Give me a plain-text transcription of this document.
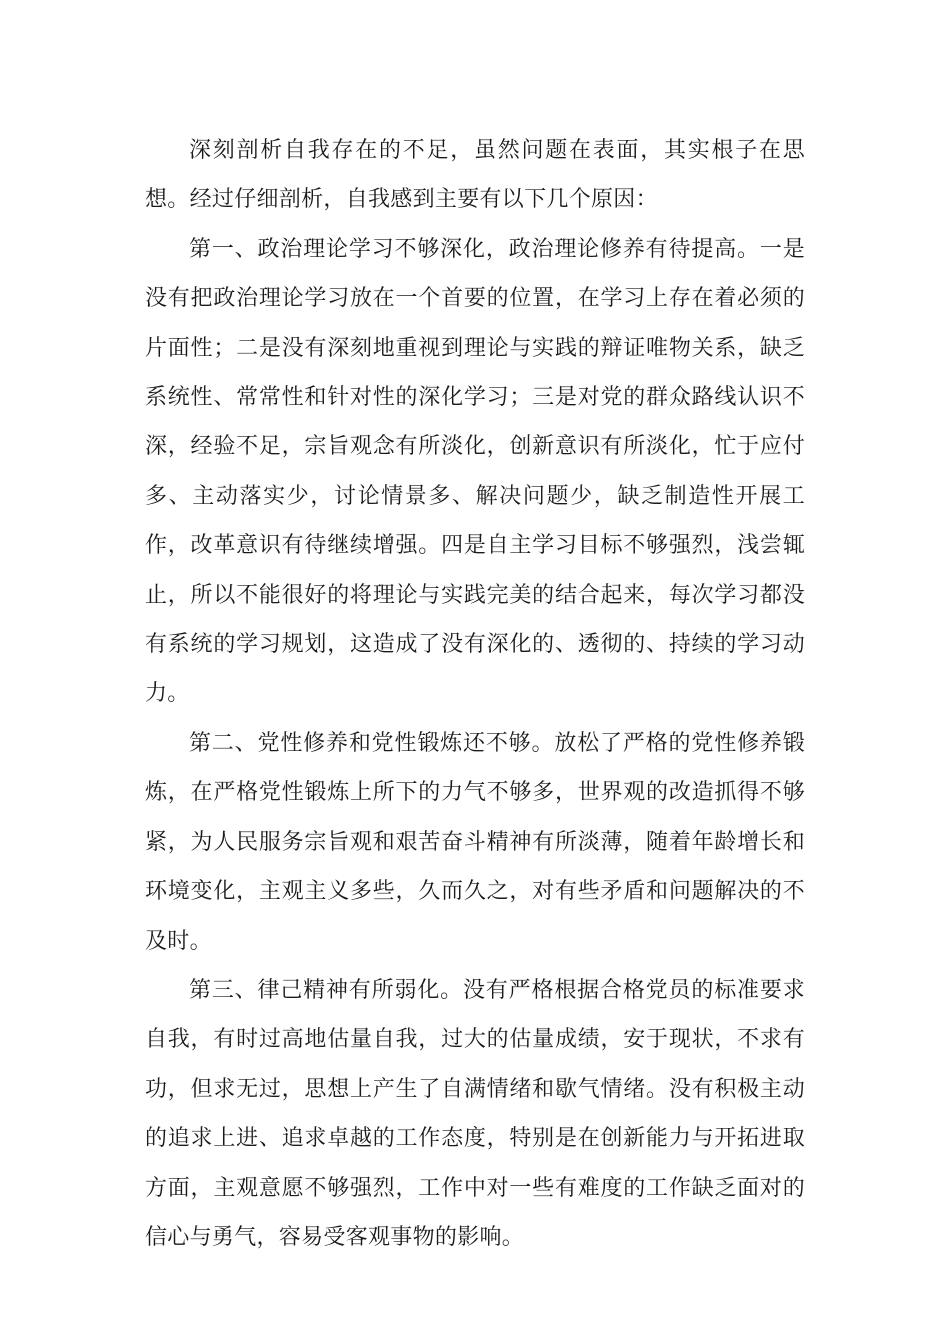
深刻剖析自我存在的不足，虽然问题在表面，其实根子在思想。经过仔细剖析，自我感到主要有以下几个原因：

第一、政治理论学习不够深化，政治理论修养有待提高。一是没有把政治理论学习放在一个首要的位置，在学习上存在着必须的片面性；二是没有深刻地重视到理论与实践的辩证唯物关系，缺乏系统性、常常性和针对性的深化学习；三是对党的群众路线认识不深，经验不足，宗旨观念有所淡化，创新意识有所淡化，忙于应付多、主动落实少，讨论情景多、解决问题少，缺乏制造性开展工作，改革意识有待继续增强。四是自主学习目标不够强烈，浅尝辄止，所以不能很好的将理论与实践完美的结合起来，每次学习都没有系统的学习规划，这造成了没有深化的、透彻的、持续的学习动力。

第二、党性修养和党性锻炼还不够。放松了严格的党性修养锻炼，在严格党性锻炼上所下的力气不够多，世界观的改造抓得不够紧，为人民服务宗旨观和艰苦奋斗精神有所淡薄，随着年龄增长和环境变化，主观主义多些，久而久之，对有些矛盾和问题解决的不及时。

第三、律己精神有所弱化。没有严格根据合格党员的标准要求自我，有时过高地估量自我，过大的估量成绩，安于现状，不求有功，但求无过，思想上产生了自满情绪和歇气情绪。没有积极主动的追求上进、追求卓越的工作态度，特别是在创新能力与开拓进取方面，主观意愿不够强烈，工作中对一些有难度的工作缺乏面对的信心与勇气，容易受客观事物的影响。
